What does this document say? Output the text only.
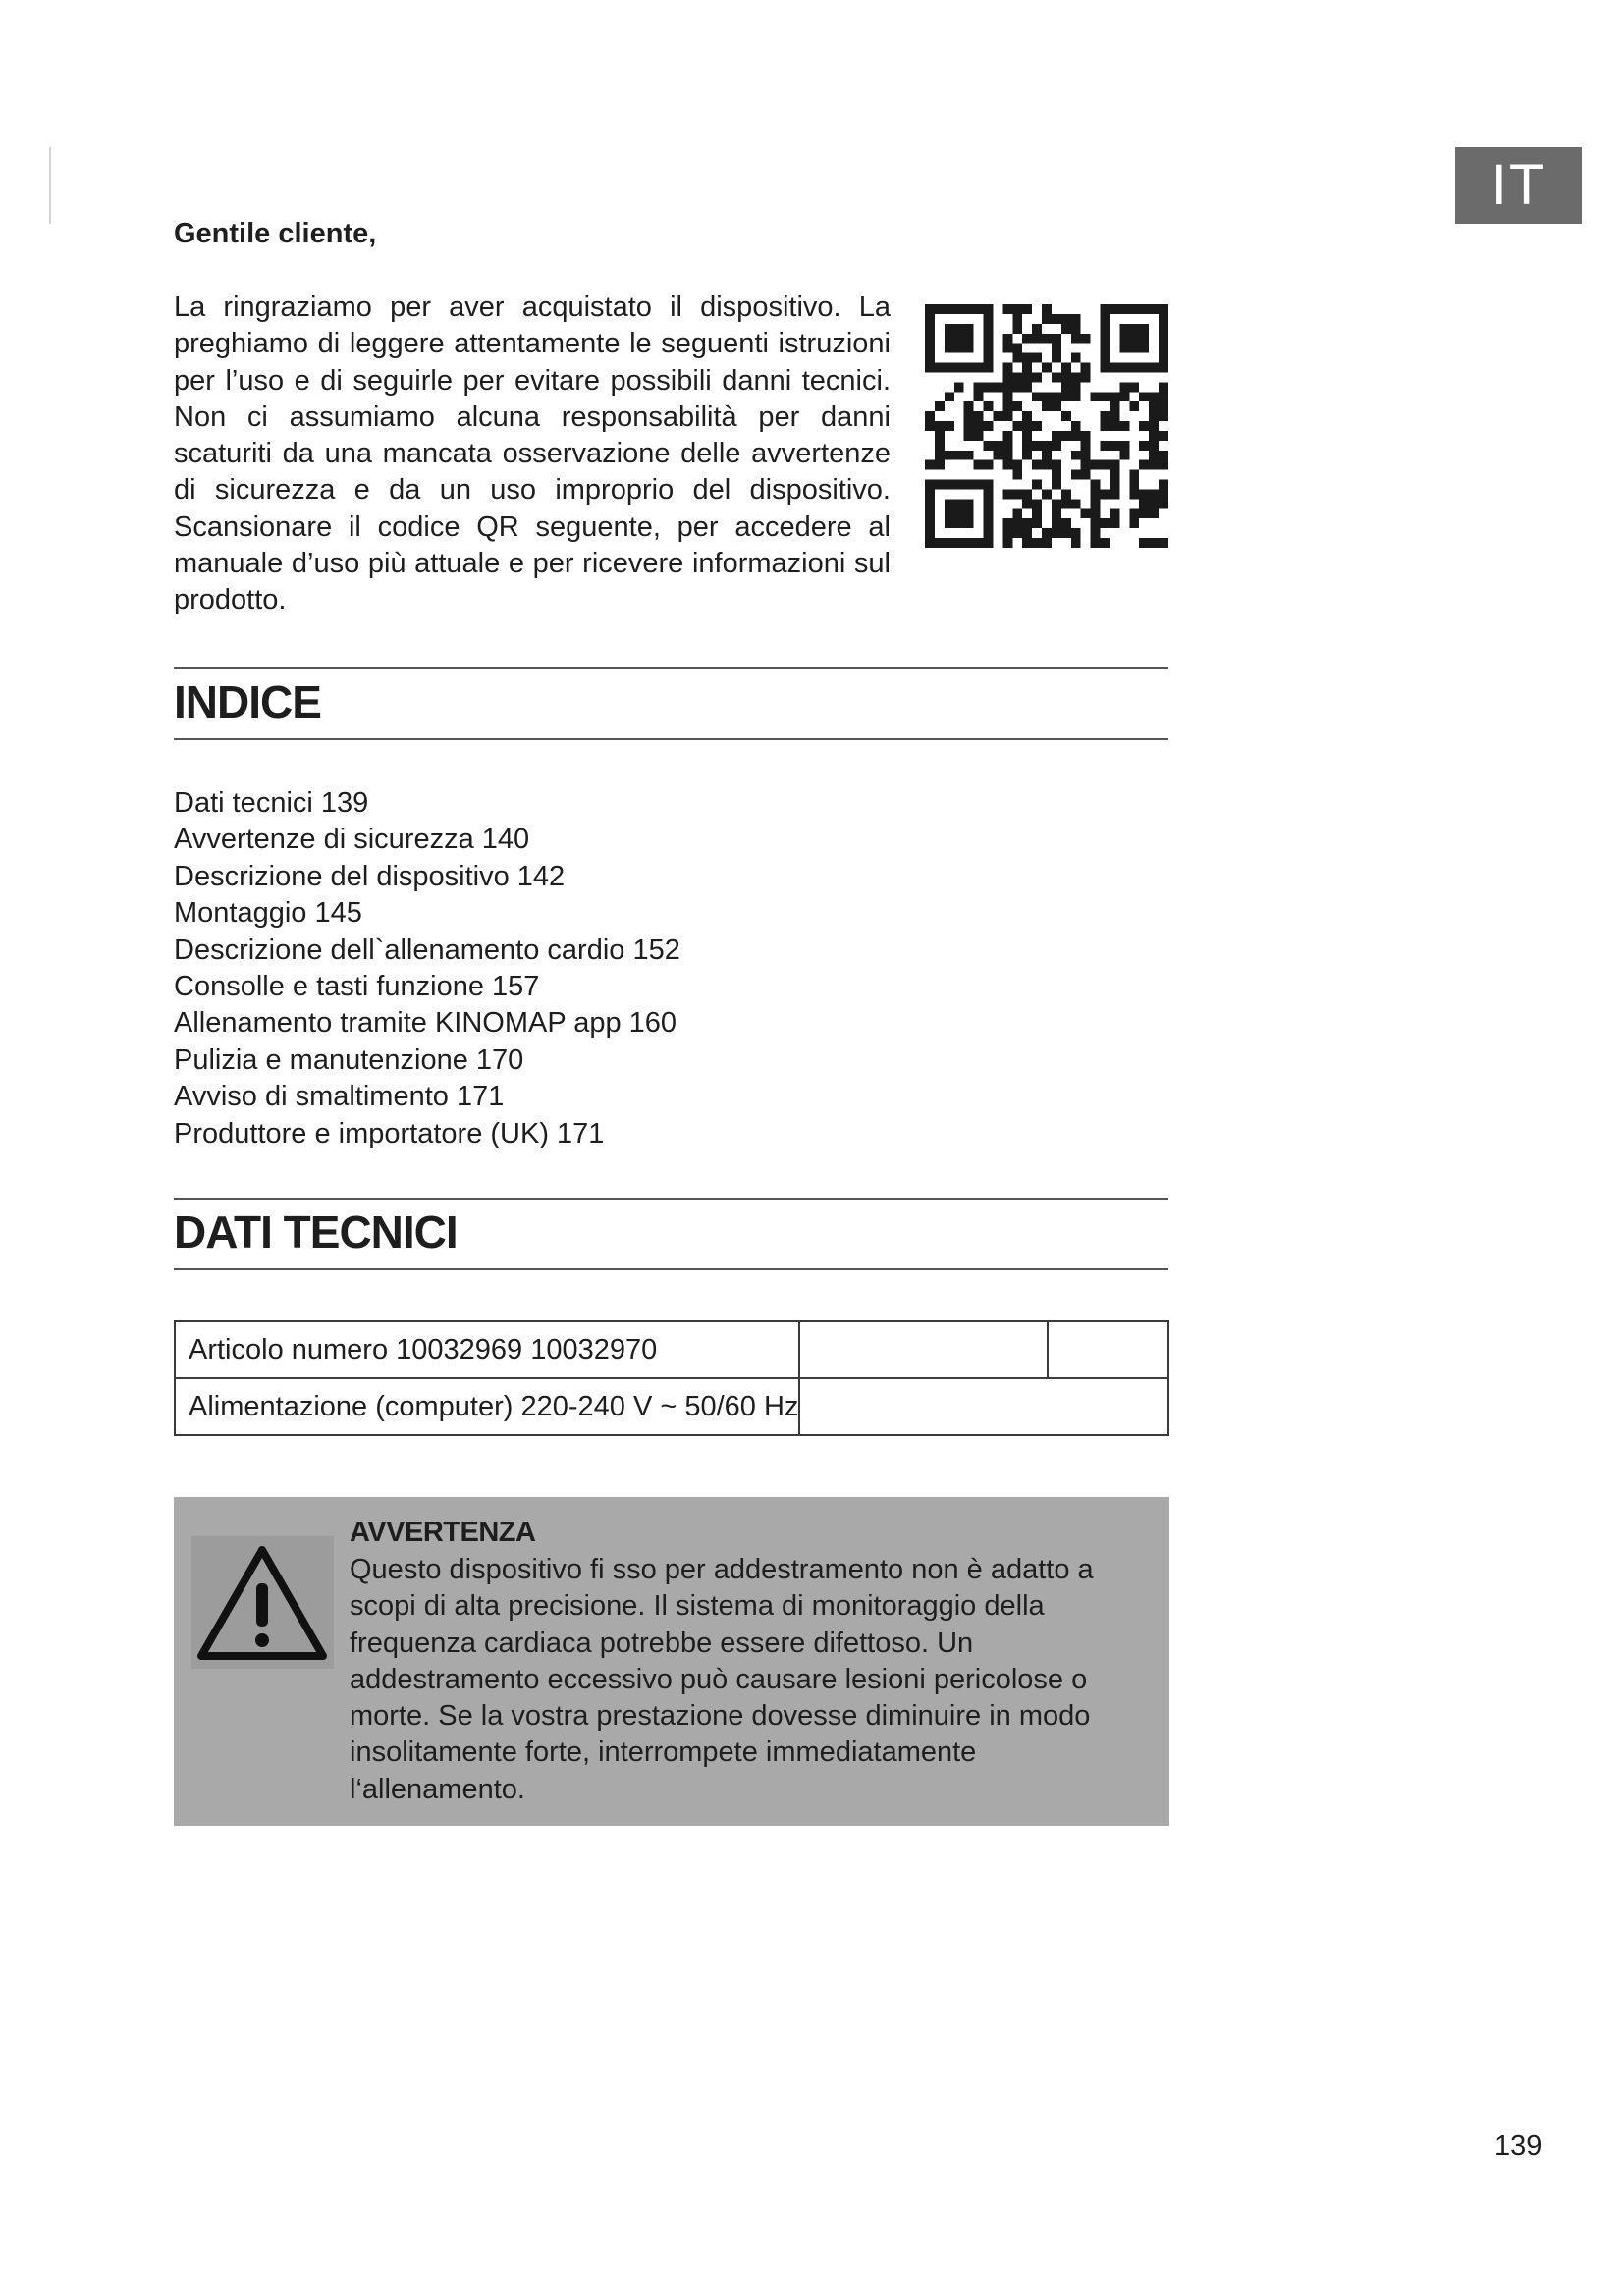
IT
Gentile cliente,

La ringraziamo per aver acquistato il dispositivo. La preghiamo di leggere attentamente le seguenti istruzioni per l’uso e di seguirle per evitare possibili danni tecnici. Non ci assumiamo alcuna responsabilità per danni scaturiti da una mancata osservazione delle avvertenze di sicurezza e da un uso improprio del dispositivo. Scansionare il codice QR seguente, per accedere al manuale d’uso più attuale e per ricevere informazioni sul prodotto.

INDICE
Dati tecnici 139
Avvertenze di sicurezza 140
Descrizione del dispositivo 142
Montaggio 145
Descrizione dell`allenamento cardio 152
Consolle e tasti funzione 157
Allenamento tramite KINOMAP app 160
Pulizia e manutenzione 170
Avviso di smaltimento 171
Produttore e importatore (UK) 171
DATI TECNICI
Articolo numero 10032969 10032970		
Alimentazione (computer) 220-240 V ~ 50/60 Hz		
AVVERTENZA

Questo dispositivo fi sso per addestramento non è adatto a scopi di alta precisione. Il sistema di monitoraggio della frequenza cardiaca potrebbe essere difettoso. Un addestramento eccessivo può causare lesioni pericolose o morte. Se la vostra prestazione dovesse diminuire in modo insolitamente forte, interrompete immediatamente l‘allenamento.

139
